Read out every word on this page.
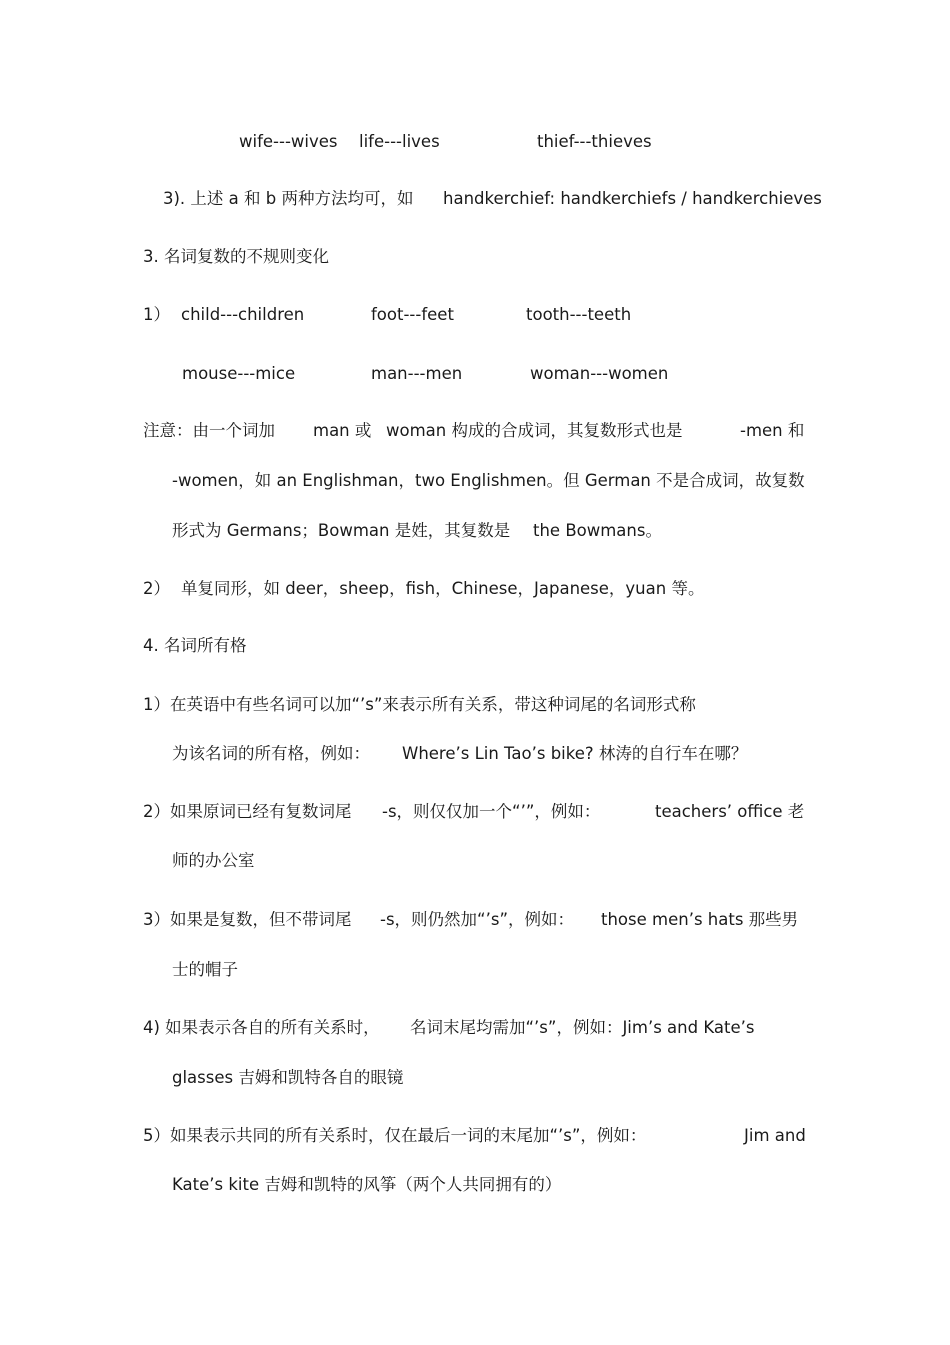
wife---wives life---lives	thief---thieves
3). 上述 a 和 b 两种方法均可，如 handkerchief: handkerchiefs / handkerchieves
3. 名词复数的不规则变化
1） child---children	foot---feet	tooth---teeth
mouse---mice	man---men	woman---women
注意：由一个词加 man 或 woman 构成的合成词，其复数形式也是	-men 和
-women，如 an Englishman，two Englishmen。但 German 不是合成词，故复数
形式为 Germans；Bowman 是姓，其复数是 the Bowmans。
2） 单复同形，如 deer，sheep，fish，Chinese，Japanese，yuan 等。
4. 名词所有格
1）在英语中有些名词可以加“’s”来表示所有关系，带这种词尾的名词形式称
为该名词的所有格，例如： Where’s Lin Tao’s bike? 林涛的自行车在哪？
2）如果原词已经有复数词尾 -s，则仅仅加一个“’”，例如：	teachers’ office 老
师的办公室
3）如果是复数，但不带词尾 -s，则仍然加“’s”，例如： those men’s hats 那些男
士的帽子
4) 如果表示各自的所有关系时， 名词末尾均需加“’s”，例如：Jim’s and Kate’s
glasses 吉姆和凯特各自的眼镜
5）如果表示共同的所有关系时，仅在最后一词的末尾加“’s”，例如：	Jim and
Kate’s kite 吉姆和凯特的风筝（两个人共同拥有的）
